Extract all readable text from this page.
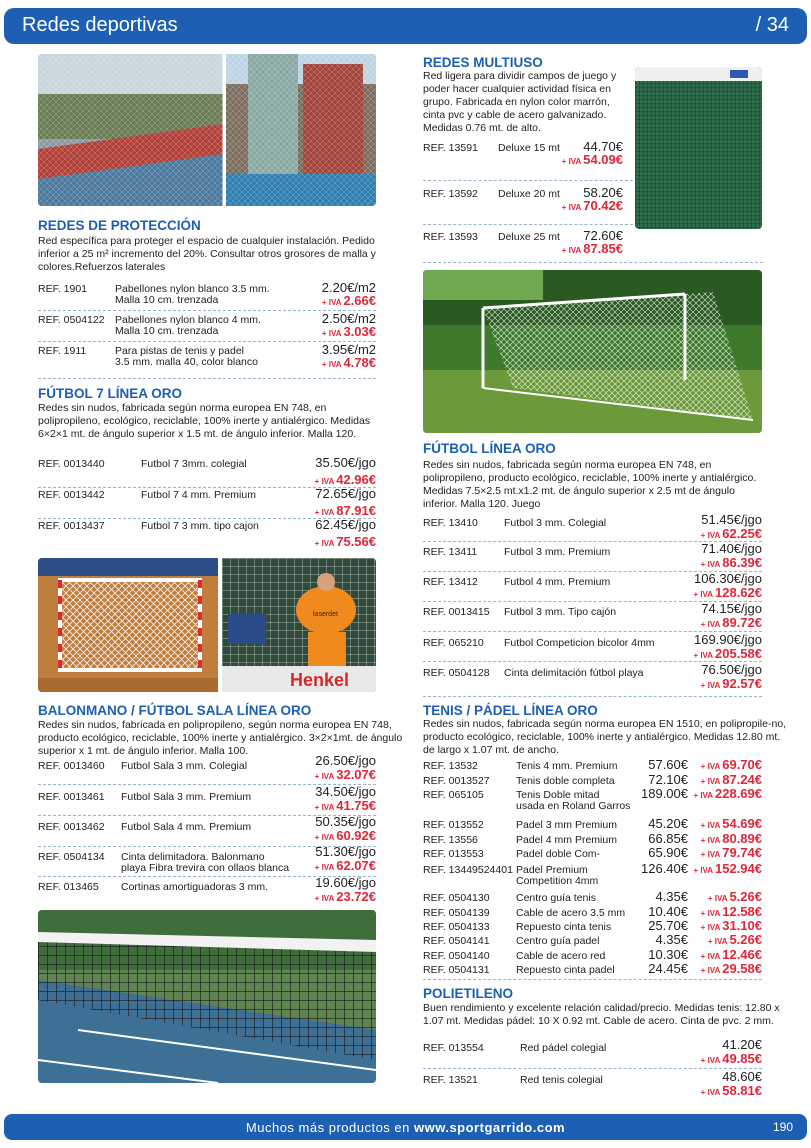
Redes deportivas	/ 34
REDES DE PROTECCIÓN
Red específica para proteger el espacio de cualquier instalación. Pedido inferior a 25 m² incremento del 20%. Consultar otros grosores de malla y colores.Refuerzos laterales
REF. 1901	Pabellones nylon blanco 3.5 mm.
Malla 10 cm. trenzada
2.20€/m2
+ IVA 2.66€
REF. 0504122 Pabellones nylon blanco 4 mm.
Malla 10 cm. trenzada
2.50€/m2
+ IVA 3.03€
REF. 1911	Para pistas de tenis y padel
3.5 mm. malla 40, color blanco
3.95€/m2
+ IVA 4.78€
FÚTBOL 7 LÍNEA ORO
Redes sin nudos, fabricada según norma europea EN 748, en polipropileno, ecológico, reciclable, 100% inerte y antialérgico. Medidas 6×2×1 mt. de ángulo superior x 1.5 mt. de ángulo inferior. Malla 120.
REF. 0013440	Futbol 7 3mm. colegial	35.50€/jgo
+ IVA 42.96€
REF. 0013442	Futbol 7 4 mm. Premium	72.65€/jgo
+ IVA 87.91€
REF. 0013437	Futbol 7 3 mm. tipo cajon	62.45€/jgo
+ IVA 75.56€
Henkel
laserdet
BALONMANO / FÚTBOL SALA LÍNEA ORO
Redes sin nudos, fabricada en polipropileno, según norma europea EN 748, producto ecológico, reciclable, 100% inerte y antialérgico. 3×2×1mt. de ángulo superior x 1 mt. de ángulo inferior. Malla 100.
REF. 0013460 Futbol Sala 3 mm. Colegial	26.50€/jgo
+ IVA 32.07€
REF. 0013461 Futbol Sala 3 mm. Premium	34.50€/jgo
+ IVA 41.75€
REF. 0013462 Futbol Sala 4 mm. Premium	50.35€/jgo
+ IVA 60.92€
REF. 0504134 Cinta delimitadora. Balonmano
playa Fibra trevira con ollaos blanca
51.30€/jgo
+ IVA 62.07€
REF. 013465 Cortinas amortiguadoras 3 mm.	19.60€/jgo
+ IVA 23.72€
REDES MULTIUSO
Red ligera para dividir campos de juego y poder hacer cualquier actividad física en grupo. Fabricada en nylon color marrón, cinta pvc y cable de acero galvanizado. Medidas 0.76 mt. de alto.
REF. 13591 Deluxe 15 mt 44.70€
+ IVA 54.09€
REF. 13592 Deluxe 20 mt 58.20€
+ IVA 70.42€
REF. 13593 Deluxe 25 mt 72.60€
+ IVA 87.85€
FÚTBOL LÍNEA ORO
Redes sin nudos, fabricada según norma europea EN 748, en polipropileno, producto ecológico, reciclable, 100% inerte y antialérgico. Medidas 7.5×2.5 mt.x1.2 mt. de ángulo superior x 2.5 mt de ángulo inferior. Malla 120. Juego
REF. 13410 Futbol 3 mm. Colegial	51.45€/jgo
+ IVA 62.25€
REF. 13411	Futbol 3 mm. Premium	71.40€/jgo
+ IVA 86.39€
REF. 13412 Futbol 4 mm. Premium	106.30€/jgo
+ IVA 128.62€
REF. 0013415 Futbol 3 mm. Tipo cajón	74.15€/jgo
+ IVA 89.72€
REF. 065210 Futbol Competicion bicolor 4mm	169.90€/jgo
+ IVA 205.58€
REF. 0504128 Cinta delimitación fútbol playa	76.50€/jgo
+ IVA 92.57€
TENIS / PÁDEL LÍNEA ORO
Redes sin nudos, fabricada según norma europea EN 1510, en polipropile-no, producto ecológico, reciclable, 100% inerte y antialérgico. Medidas 12.80 mt. de largo x 1.07 mt. de ancho.
REF. 13532	Tenis 4 mm. Premium 57.60€ + IVA 69.70€
REF. 0013527	Tenis doble completa	72.10€ + IVA 87.24€
REF. 065105	Tenis Doble mitad
usada en Roland Garros
189.00€ + IVA 228.69€
REF. 013552	Padel 3 mm Premium 45.20€ + IVA 54.69€
REF. 13556	Padel 4 mm Premium 66.85€ + IVA 80.89€
REF. 013553	Padel doble Com-	65.90€ + IVA 79.74€
REF. 13449524401 Padel Premium
Competition 4mm
126.40€ + IVA 152.94€
REF. 0504130	Centro guía tenis	4.35€ + IVA 5.26€
REF. 0504139	Cable de acero 3.5 mm 10.40€ + IVA 12.58€
REF. 0504133	Repuesto cinta tenis	25.70€ + IVA 31.10€
REF. 0504141	Centro guía padel	4.35€ + IVA 5.26€
REF. 0504140	Cable de acero red	10.30€ + IVA 12.46€
REF. 0504131	Repuesto cinta padel	24.45€ + IVA 29.58€
POLIETILENO
Buen rendimiento y excelente relación calidad/precio. Medidas tenis: 12.80 x 1.07 mt. Medidas pádel: 10 X 0.92 mt. Cable de acero. Cinta de pvc. 2 mm.
REF. 013554	Red pádel colegial	41.20€
+ IVA 49.85€
REF. 13521	Red tenis colegial	48.60€
+ IVA 58.81€
Muchos más productos en www.sportgarrido.com	190
